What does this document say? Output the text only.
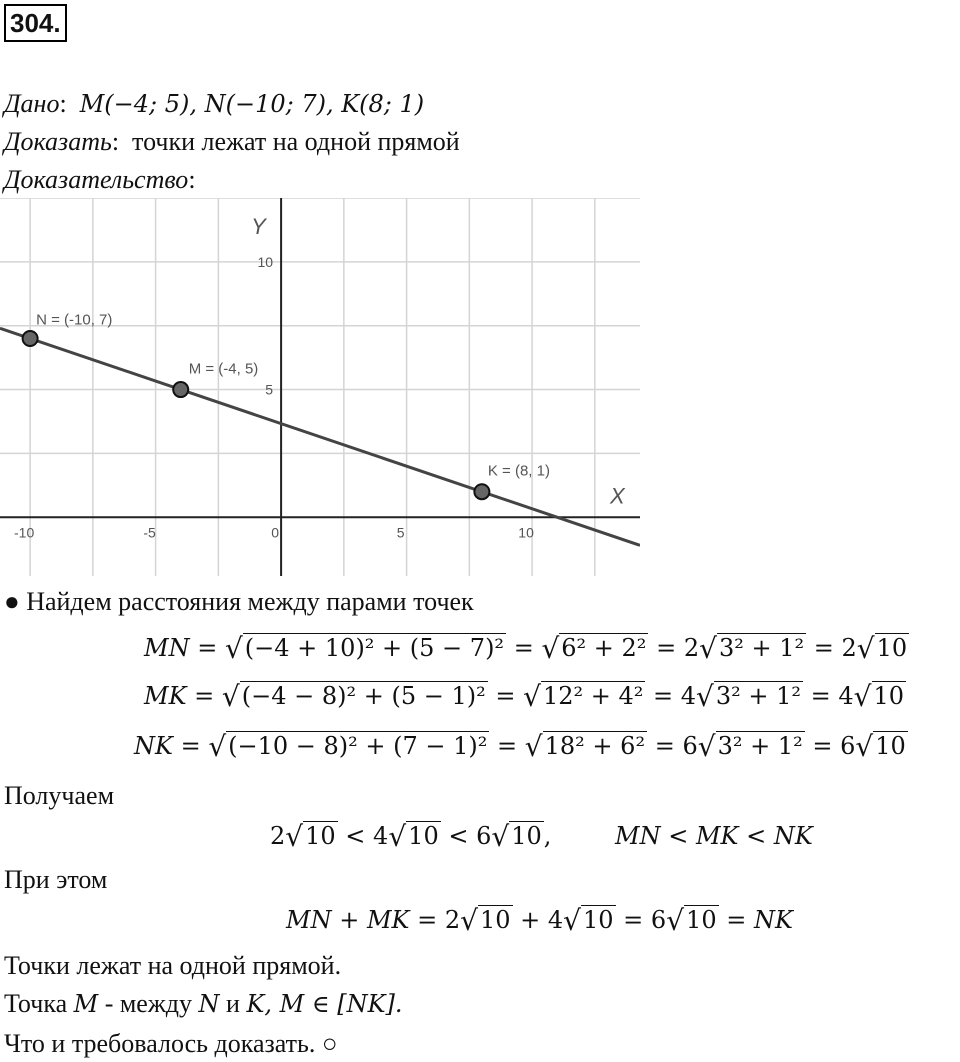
304.
Дано:  M(−4; 5), N(−10; 7), K(8; 1)
Доказать:  точки лежат на одной прямой
Доказательство:
-10	-5	0	5	10
10
5
N = (-10, 7)
M = (-4, 5)
K = (8, 1)
X
Y
● Найдем расстояния между парами точек
MN = √(−4 + 10)² + (5 − 7)² = √6² + 2² = 2√3² + 1² = 2√10
MK = √(−4 − 8)² + (5 − 1)² = √12² + 4² = 4√3² + 1² = 4√10
NK = √(−10 − 8)² + (7 − 1)² = √18² + 6² = 6√3² + 1² = 6√10
Получаем
2√10 < 4√10 < 6√10, MN < MK < NK
При этом
MN + MK = 2√10 + 4√10 = 6√10 = NK
Точки лежат на одной прямой.
Точка M - между N и K, M ∈ [NK].
Что и требовалось доказать. ○
